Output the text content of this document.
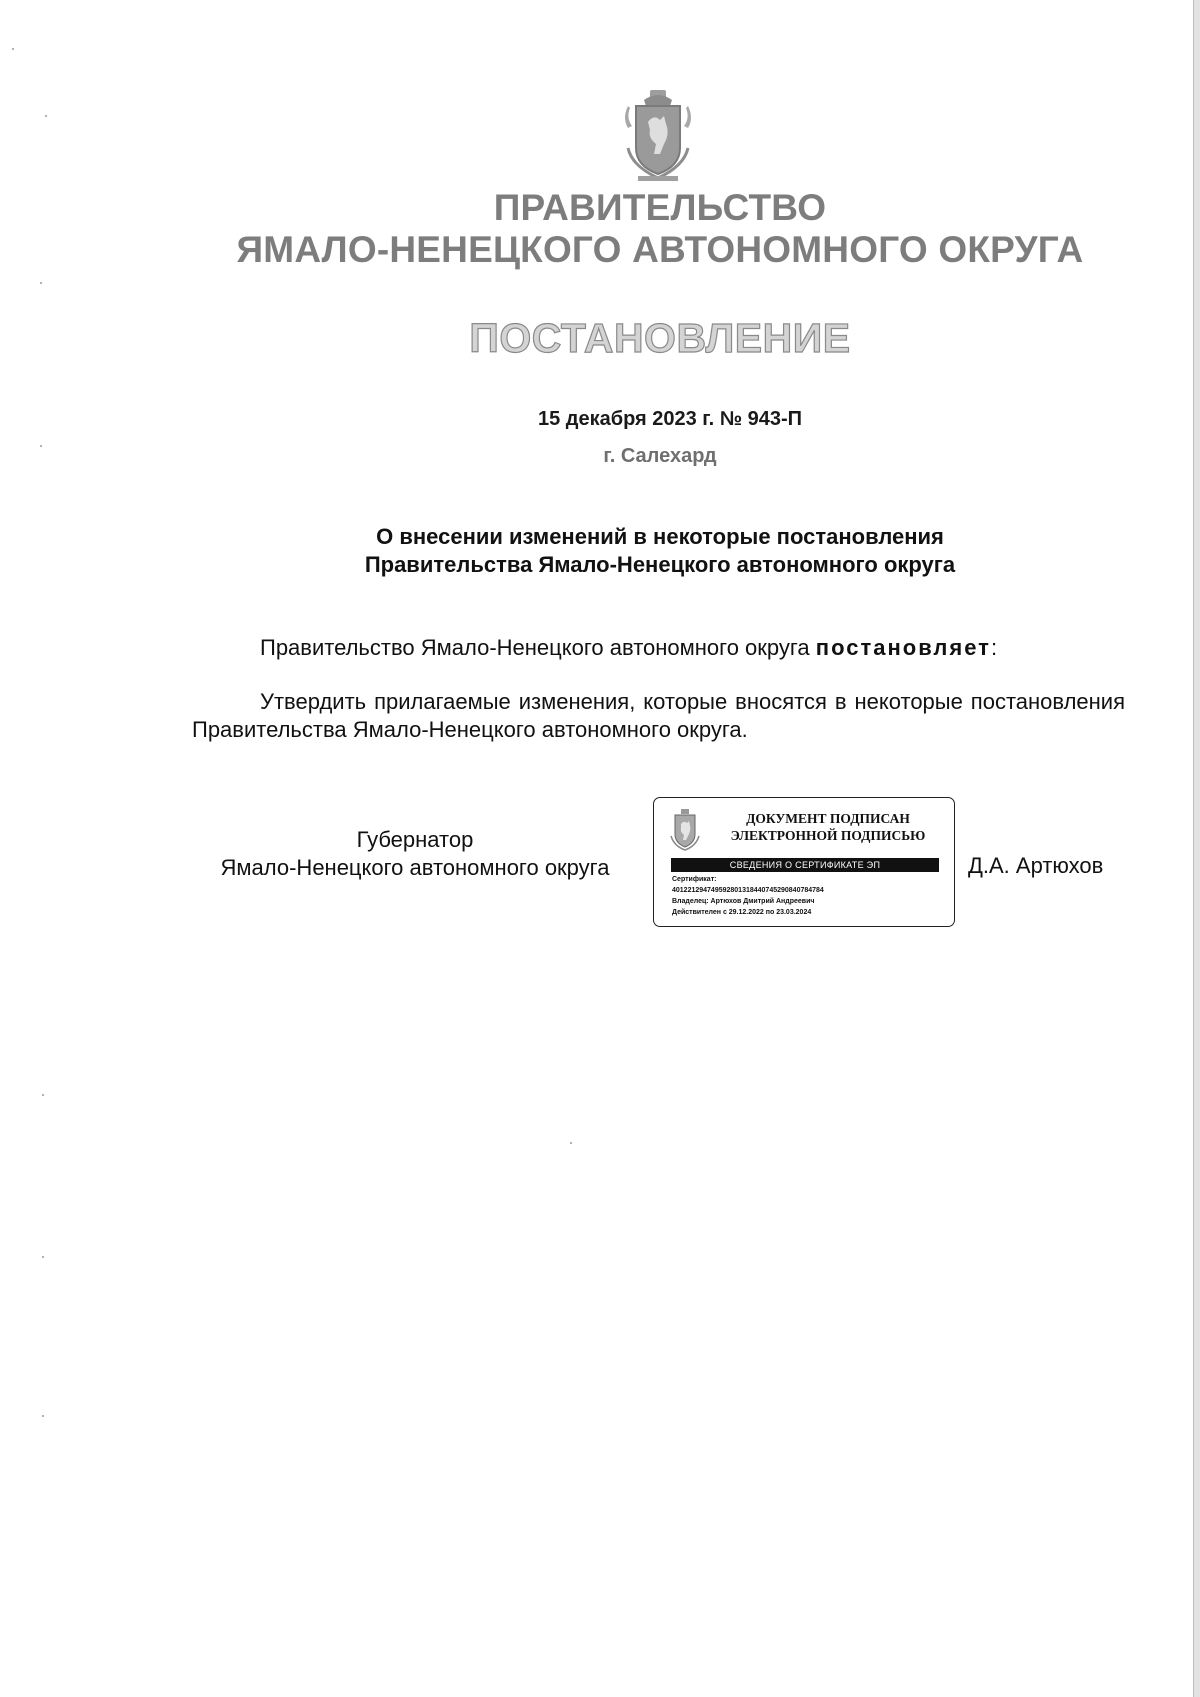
ПРАВИТЕЛЬСТВО
ЯМАЛО-НЕНЕЦКОГО АВТОНОМНОГО ОКРУГА
ПОСТАНОВЛЕНИЕ
15 декабря 2023 г. № 943-П
г. Салехард
О внесении изменений в некоторые постановления
Правительства Ямало-Ненецкого автономного округа
Правительство Ямало-Ненецкого автономного округа постановляет:
Утвердить прилагаемые изменения, которые вносятся в некоторые постановления Правительства Ямало-Ненецкого автономного округа.
Губернатор
Ямало-Ненецкого автономного округа
ДОКУМЕНТ ПОДПИСАН
ЭЛЕКТРОННОЙ ПОДПИСЬЮ
СВЕДЕНИЯ О СЕРТИФИКАТЕ ЭП
Сертификат:
401221294749592801318440745290840784784
Владелец: Артюхов Дмитрий Андреевич
Действителен с 29.12.2022 по 23.03.2024
Д.А. Артюхов
